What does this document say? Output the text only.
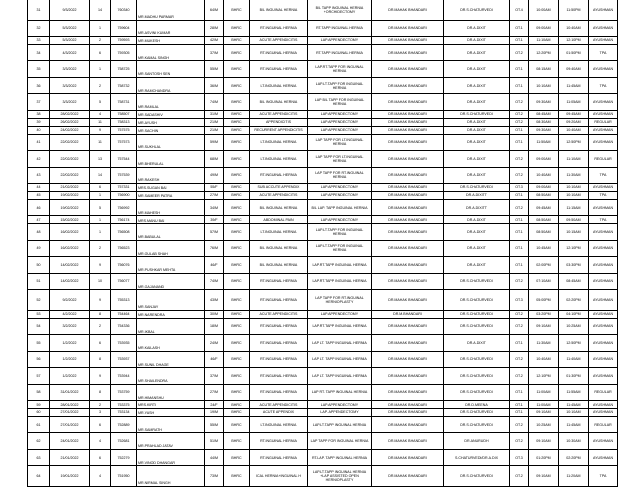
31	9/3/2022	14	760340	MR.MADHU PARMAR	64/M	BHRC	B/L INGUINAL HERNIA	B/L TAPP INGUINAL HERNIA +ORCHIDECTOMY	DR.MAHAK BHANDARI	DR.S.CHATURVEDI	OT.4	10:00AM	11:50PM	AYUSHMAN
32	5/3/2022	1	759604	MR.ASVINI KUMAR	28/M	BHRC	RT.INGUINAL HERNIA	RT.TAPP INGUINAL HERNIA	DR.MAHAK BHANDARI	DR.A.DIXIT	OT.1	09:00AM	10:40AM	AYUSHMAN
33	5/3/2022	2	759593	MR.MUKESH	42/M	BHRC	ACUTE APPENDICITIS	LAP.APPENDECTOMY	DR.MAHAK BHANDARI	DR.A.DIXIT	OT.1	11:10AM	12:10PM	AYUSHMAN
34	4/3/2022	6	759305	MR.KAMAL SINGH	37/M	BHRC	RT.INGUINAL HERNIA	RT.TAPP INGUINAL HERNIA	DR.MAHAK BHANDARI	DR.A.DIXIT	OT.2	12:20PM	01:50PM	TPA
35	3/3/2022	1	758725	MR.SANTOSH SEN	55/M	BHRC	RT.INGUINAL HERNIA	LAP.RT.TAPP FOR INGUINAL HERNIA	DR.MAHAK BHANDARI	DR.A.DIXIT	OT.1	08:15AM	09:40AM	AYUSHMAN
36	3/3/2022	2	758732	MR.RAMCHANDRA	36/M	BHRC	LT.INGUINAL HERNIA	LAP.LT.TAPP FOR INGUINAL HERNIA	DR.MAHAK BHANDARI	DR.A.DIXIT	OT.1	10:10AM	11:45AM	TPA
37	3/3/2022	5	758731	MR.RAMLAL	74/M	BHRC	B/L INGUINAL HERNIA	LAP B/L TAPP FOR INGUINAL HERNIA	DR.MAHAK BHANDARI	DR.A.DIXIT	OT.2	09:30AM	11:05AM	AYUSHMAN
38	28/02/2022	4	758507	MR.SADASHIV	31/M	BHRC	ACUTE APPENDICITIS	LAP.APPENDECTOMY	DR.MAHAK BHANDARI	DR.S.CHATURVEDI	OT.2	08:45AM	09:45AM	AYUSHMAN
39	26/02/2022	11	758313	MR.AYUSH	21/M	BHRC	APPENDICITIS	LAP.APPENDECTOMY	DR.MAHAK BHANDARI	DR.A.DIXIT	OT.2	08:30AM	09:20AM	REGULAR
40	24/02/2022	9	757575	MR.SACHIN	21/M	BHRC	RECURRENT APPENDICITIS	LAP.APPENDECTOMY	DR.MAHAK BHANDARI	DR.A.DIXIT	OT.1	09:30AM	10:40AM	AYUSHMAN
41	22/02/2022	11	757573	MR.SUKHLAL	59/M	BHRC	LT.INGUINAL HERNIA	LAP TAPP FOR LT.INGUINAL HERNIA	DR.MAHAK BHANDARI	DR.A.DIXIT	OT.1	11:50AM	12:50PM	AYUSHMAN
42	22/02/2022	13	757544	MR.BHERULAL	68/M	BHRC	LT.INGUINAL HERNIA	LAP TAPP FOR LT.INGUINAL HERNIA	DR.MAHAK BHANDARI	DR.A.DIXIT	OT.2	09:00AM	11:10AM	REGULAR
43	22/02/2022	14	757539	MR.RAKESH	49/M	BHRC	RT.INGUINAL HERNIA	LAP TAPP FOR RT.INGUINAL HERNIA	DR.MAHAK BHANDARI	DR.A.DIXIT	OT.2	10:40AM	11:30AM	TPA
44	21/02/2022	6	757331	MRS.SUGAN BAI	55/F	BHRC	SUB ACCUTE APPENDIX	LAP.APPENDECTOMY	DR.MAHAK BHANDARI	DR.S.CHATURVEDI	OT.3	09:00AM	10:10AM	AYUSHMAN
45	19/02/2022	1	756900	MR.SAMEER PATRA	27/M	BHRC	ACUTE APPENDICITIS	LAP.APPENDECTOMY	DR.MAHAK BHANDARI	DR.A.DIXITT	OT.1	08:50AM	10:10AM	TPA
46	19/02/2022	5	756992	MR.MAHESH	34/M	BHRC	B/L INGUINAL HERNIA	B/L LAP. TAPP INGUINAL HERNIA	DR.MAHAK BHANDARI	DR.A.DIXITT	OT.2	09:45AM	11:15AM	AYUSHMAN
47	15/02/2022	1	756174	MRS.MANU BAI	39/F	BHRC	ABDOMINAL PAIN	LAP.APPENDECTOMY	DR.MAHAK BHANDARI	DR.A.DIXIT	OT.1	08:50AM	09:50AM	TPA
48	16/02/2022	1	756508	MR.BABULAL	57/M	BHRC	LT.INGUINAL HERNIA	LAP.LT.TAPP FOR INGUINAL HERNIA	DR.MAHAK BHANDARI	DR.A.DIXIT	OT.1	08:50AM	10:15AM	AYUSHMAN
49	16/02/2022	2	756523	MR.GULAB SHAH	76/M	BHRC	B/L INGUINAL HERNIA	LAP.LT.TAPP FOR INGUINAL HERNIA	DR.MAHAK BHANDARI	DR.A.DIXIT	OT.1	10:45AM	12:10PM	AYUSHMAN
50	14/02/2022	9	756076	MR.PUSHKAR MEHTA	46/F	BHRC	B/L INGUINAL HERNIA	LAP.RT.TAPP INGUINAL HERNIA	DR.MAHAK BHANDARI	DR.A.DIXIT	OT.1	02:00PM	03:30PM	AYUSHMAN
51	14/02/2022	10	756077	MR.GAJANAND	74/M	BHRC	RT.INGUINAL HERNIA	LAP.RT.TAPP INGUINAL HERNIA	DR.MAHAK BHANDARI	DR.S.CHATURVEDI	OT.2	07:10AM	08:45AM	AYUSHMAN
52	9/2/2022	9	755313	MR.SANJAY	43/M	BHRC	RT.INGUINAL HERNIA	LAP TAPP FOR RT.INGUINAL HERNIOPLASTY	DR.MAHAK BHANDARI	DR.S.CHATURVEDI	OT.3	05:00PM	02:20PM	AYUSHMAN
53	4/2/2022	8	754464	MR.NARENDRA	30/M	BHRC	ACUTE APPENDICITIS	LAP.APPENDECTOMY	DR.M.BHANDARI	DR.S.CHATURVEDI	OT.2	03:20PM	04:10PM	AYUSHMAN
54	3/2/2022	2	754336	MR.IKBAL	18/M	BHRC	RT.INGUINAL HERNIA	LAP.RT.TAPP INGUINAL HERNIA	DR.MAHAK BHANDARI	DR.S.CHATURVEDI	OT.2	09:10AM	10:25AM	AYUSHMAN
55	1/2/2022	6	753935	MR.KAILASH	24/M	BHRC	RT.INGUINAL HERNIA	LAP LT. TAPP INGUINAL HERNIA	DR.MAHAK BHANDARI	DR.A.DIXIT	OT.1	11:30AM	12:50PM	AYUSHMAN
56	1/2/2022	8	753937	MR.SUNIL DHAGE	46/F	BHRC	RT.INGUINAL HERNIA	LAP LT. TAPP INGUINAL HERNIA	DR.MAHAK BHANDARI	DR.S.CHATURVEDI	OT.2	10:40AM	11:40AM	AYUSHMAN
57	1/2/2022	9	753944	MR.SHAILENDRA	37/M	BHRC	RT.INGUINAL HERNIA	LAP LT. TAPP INGUINAL HERNIA	DR.MAHAK BHANDARI	DR.S.CHATURVEDI	OT.2	12:10PM	01:30PM	AYUSHMAN
58	31/01/2022	8	753759	MR.HIMANSHU	27/M	BHRC	RT.INGUINAL HERNIA	LAP RT. TAPP INGUINAL HERNIA	DR.MAHAK BHANDARI	DR.S.CHATURVEDI	OT.1	11:00AM	11:55AM	REGULAR
59	28/01/2022	2	753375	MRS.KIRTI	24/F	BHRC	ACUTE APPENDICITIS	LAP.APPENDECTOMY	DR.MAHAK BHANDARI	DR.D.MEENA	OT.1	11:00AM	11:45AM	AYUSHMAN
60	27/01/2022	3	753134	MR.YASH	19/M	BHRC	ACUTE APPENDIX	LAP. APPENDECTOMY	DR.MAHAK BHANDARI	DR.S.CHATURVEDI	OT.1	09:10AM	10:10AM	AYUSHMAN
61	27/01/2022	6	752889	MR.SAMRATH	55/M	BHRC	LT.INGUINAL HERNIA	LAP.LT.TAPP INGUINAL HERNIA	DR.MAHAK BHANDARI	DR.S.CHATURVEDI	OT.2	10:25AM	11:45AM	REGULAR
62	24/01/2022	4	752681	MR.PRAHLAD JATAV	51/M	BHRC	RT.INGUINAL HERNIA	LAP TAPP FOR INGUINAL HERNIA	DR.MAHAK BHANDARI	DR.ANURUDH	OT.2	09:10AM	10:30AM	AYUSHMAN
63	21/01/2022	6	752279	MR.VINOD DHANGAR	44/M	BHRC	RT.INGUINAL HERNIA	RT.LAP. TAPP INGUINAL HERNIA	DR.MAHAK BHANDARI	S.CHATURVEDI/DR.A.DIX	OT.3	01:20PM	02:20PM	AYUSHMAN
64	19/01/2022	4	751950	MR.NIRMAL SINGH	73/M	BHRC	ICAL HERNIA+INGUINAL H	LAP.LT.TAPP INGUINAL HERNIA +LAP ASSISTED OPEN HERNIOPLASTY	DR.MAHAK BHANDARI	DR.S.CHATURVEDI	OT.2	09:10AM	11:20AM	TPA
